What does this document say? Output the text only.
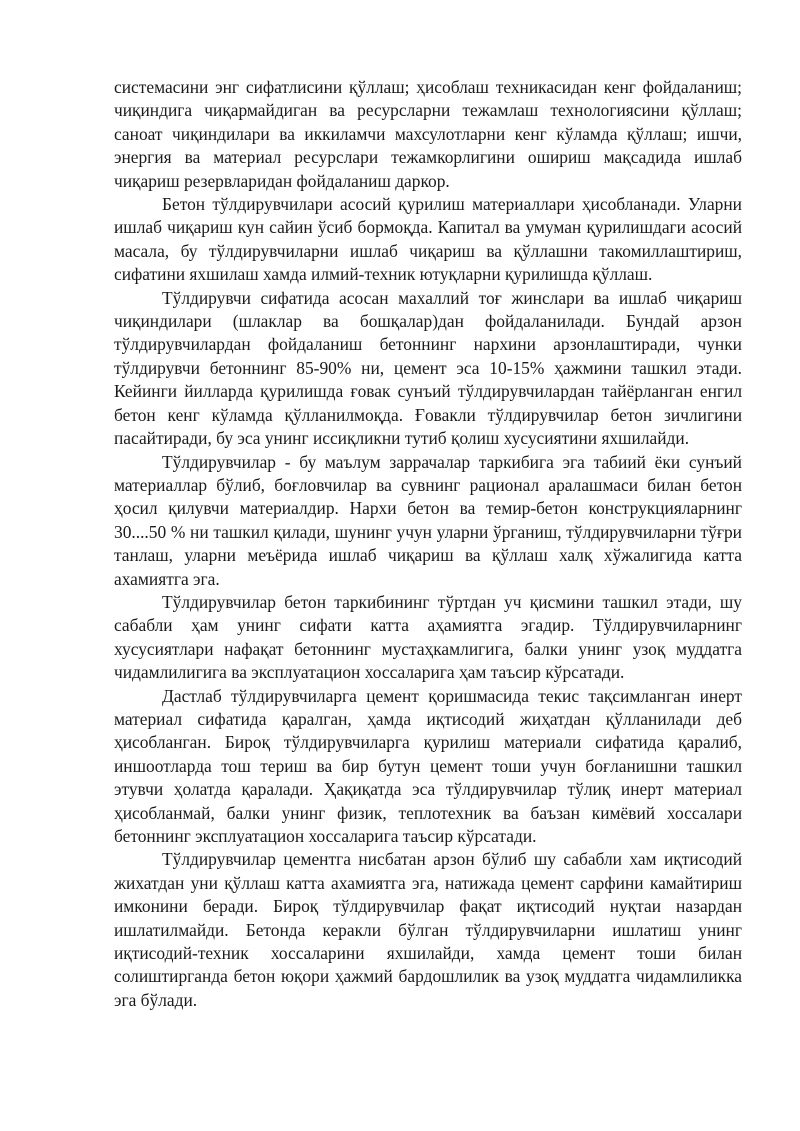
системасини энг сифатлисини қўллаш; ҳисоблаш техникасидан кенг фойдаланиш; чиқиндига чиқармайдиган ва ресурсларни тежамлаш технологиясини қўллаш; саноат чиқиндилари ва иккиламчи махсулотларни кенг кўламда қўллаш; ишчи, энергия ва материал ресурслари тежамкорлигини ошириш мақсадида ишлаб чиқариш резервларидан фойдаланиш даркор.

Бетон тўлдирувчилари асосий қурилиш материаллари ҳисобланади. Уларни ишлаб чиқариш кун сайин ўсиб бормоқда. Капитал ва умуман қурилишдаги асосий масала, бу тўлдирувчиларни ишлаб чиқариш ва қўллашни такомиллаштириш, сифатини яхшилаш хамда илмий-техник ютуқларни қурилишда қўллаш.

Тўлдирувчи сифатида асосан махаллий тоғ жинслари ва ишлаб чиқариш чиқиндилари (шлаклар ва бошқалар)дан фойдаланилади. Бундай арзон тўлдирувчилардан фойдаланиш бетоннинг нархини арзонлаштиради, чунки тўлдирувчи бетоннинг 85-90% ни, цемент эса 10-15% ҳажмини ташкил этади. Кейинги йилларда қурилишда ғовак сунъий тўлдирувчилардан тайёрланган енгил бетон кенг кўламда қўлланилмоқда. Ғовакли тўлдирувчилар бетон зичлигини пасайтиради, бу эса унинг иссиқликни тутиб қолиш хусусиятини яхшилайди.

Тўлдирувчилар - бу маълум заррачалар таркибига эга табиий ёки сунъий материаллар бўлиб, боғловчилар ва сувнинг рационал аралашмаси билан бетон ҳосил қилувчи материалдир. Нархи бетон ва темир-бетон конструкцияларнинг 30....50 % ни ташкил қилади, шунинг учун уларни ўрганиш, тўлдирувчиларни тўғри танлаш, уларни меъёрида ишлаб чиқариш ва қўллаш халқ хўжалигида катта ахамиятга эга.

Тўлдирувчилар бетон таркибининг тўртдан уч қисмини ташкил этади, шу сабабли ҳам унинг сифати катта аҳамиятга эгадир. Тўлдирувчиларнинг хусусиятлари нафақат бетоннинг мустаҳкамлигига, балки унинг узоқ муддатга чидамлилигига ва эксплуатацион хоссаларига ҳам таъсир кўрсатади.

Дастлаб тўлдирувчиларга цемент қоришмасида текис тақсимланган инерт материал сифатида қаралган, ҳамда иқтисодий жиҳатдан қўлланилади деб ҳисобланган. Бироқ тўлдирувчиларга қурилиш материали сифатида қаралиб, иншоотларда тош териш ва бир бутун цемент тоши учун боғланишни ташкил этувчи ҳолатда қаралади. Ҳақиқатда эса тўлдирувчилар тўлиқ инерт материал ҳисобланмай, балки унинг физик, теплотехник ва баъзан кимёвий хоссалари бетоннинг эксплуатацион хоссаларига таъсир кўрсатади.

Тўлдирувчилар цементга нисбатан арзон бўлиб шу сабабли хам иқтисодий жихатдан уни қўллаш катта ахамиятга эга, натижада цемент сарфини камайтириш имконини беради. Бироқ тўлдирувчилар фақат иқтисодий нуқтаи назардан ишлатилмайди. Бетонда керакли бўлган тўлдирувчиларни ишлатиш унинг иқтисодий-техник хоссаларини яхшилайди, хамда цемент тоши билан солиштирганда бетон юқори ҳажмий бардошлилик ва узоқ муддатга чидамлиликка эга бўлади.
